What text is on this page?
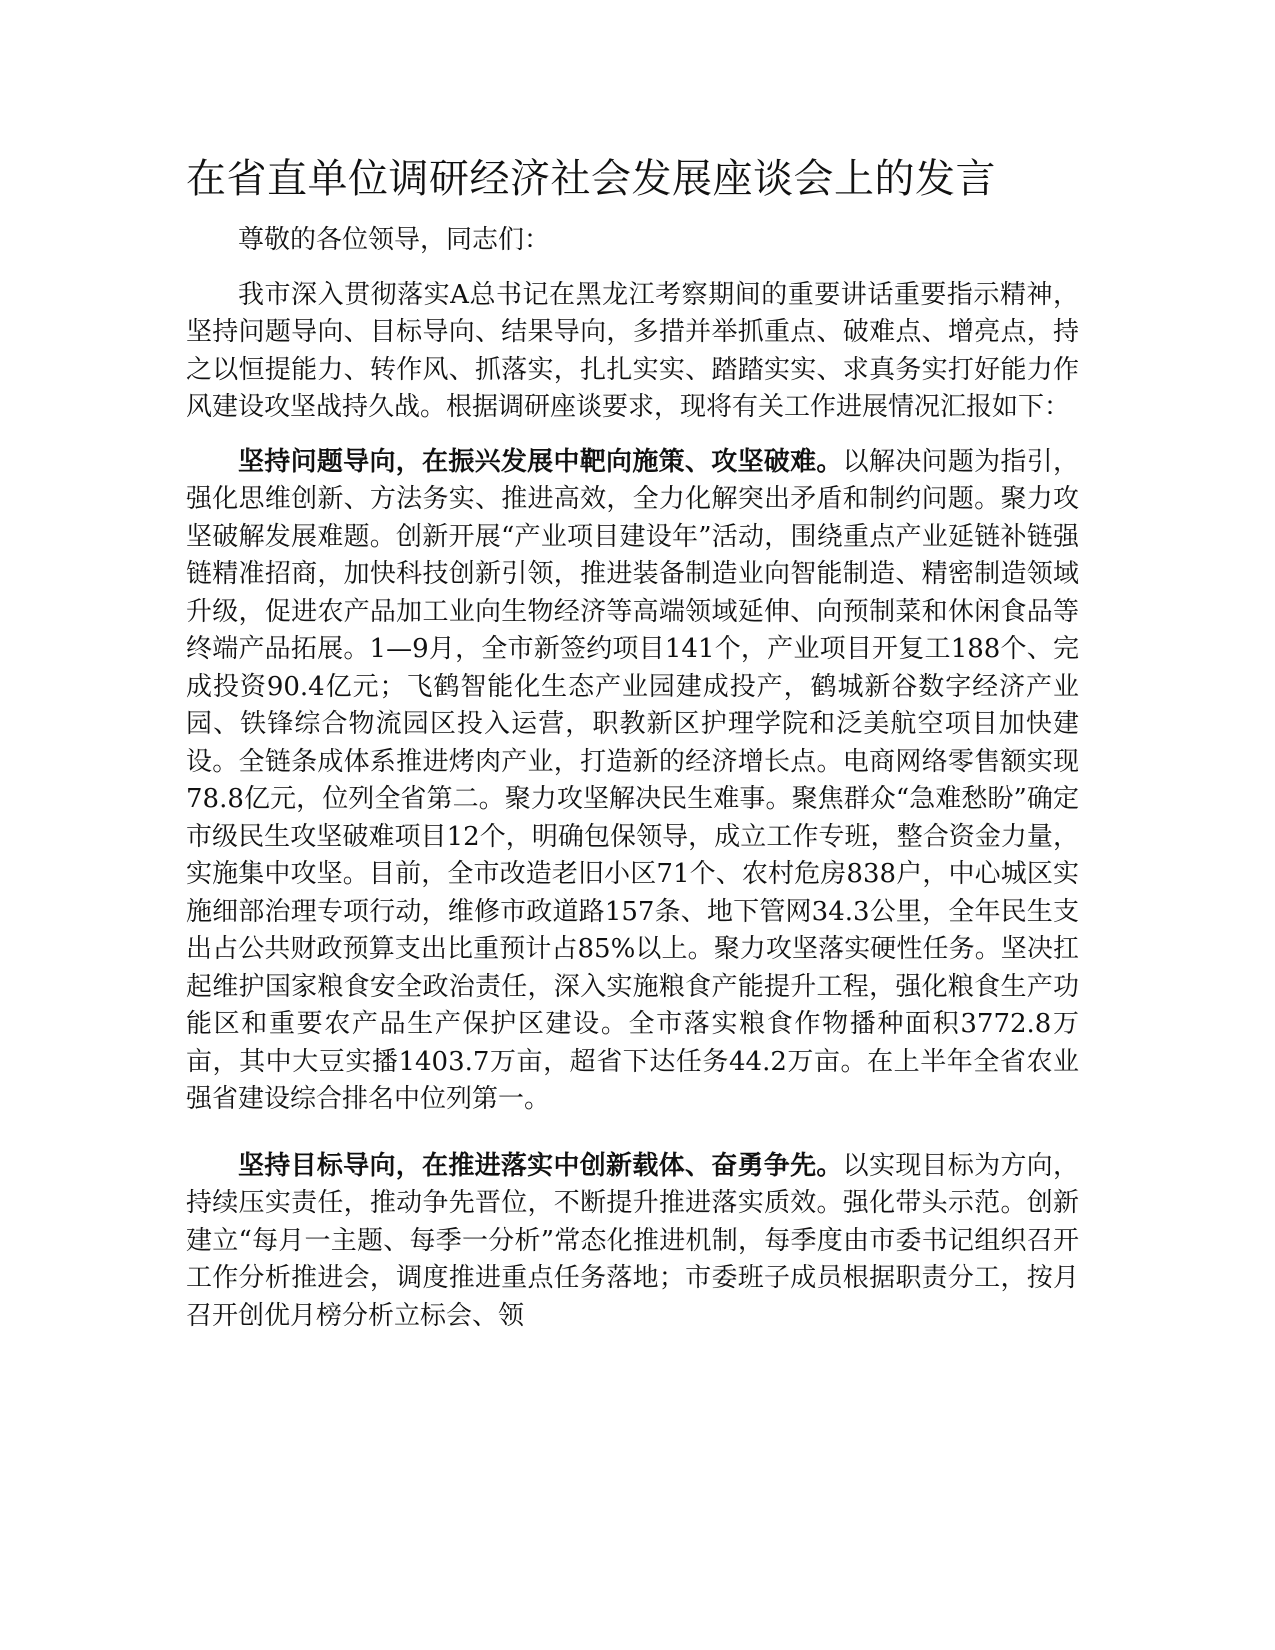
在省直单位调研经济社会发展座谈会上的发言

尊敬的各位领导，同志们：

我市深入贯彻落实A总书记在黑龙江考察期间的重要讲话重要指示精神，坚持问题导向、目标导向、结果导向，多措并举抓重点、破难点、增亮点，持之以恒提能力、转作风、抓落实，扎扎实实、踏踏实实、求真务实打好能力作风建设攻坚战持久战。根据调研座谈要求，现将有关工作进展情况汇报如下：

坚持问题导向，在振兴发展中靶向施策、攻坚破难。以解决问题为指引，强化思维创新、方法务实、推进高效，全力化解突出矛盾和制约问题。聚力攻坚破解发展难题。创新开展“产业项目建设年”活动，围绕重点产业延链补链强链精准招商，加快科技创新引领，推进装备制造业向智能制造、精密制造领域升级，促进农产品加工业向生物经济等高端领域延伸、向预制菜和休闲食品等终端产品拓展。1—9月，全市新签约项目141个，产业项目开复工188个、完成投资90.4亿元；飞鹤智能化生态产业园建成投产，鹤城新谷数字经济产业园、铁锋综合物流园区投入运营，职教新区护理学院和泛美航空项目加快建设。全链条成体系推进烤肉产业，打造新的经济增长点。电商网络零售额实现78.8亿元，位列全省第二。聚力攻坚解决民生难事。聚焦群众“急难愁盼”确定市级民生攻坚破难项目12个，明确包保领导，成立工作专班，整合资金力量，实施集中攻坚。目前，全市改造老旧小区71个、农村危房838户，中心城区实施细部治理专项行动，维修市政道路157条、地下管网34.3公里，全年民生支出占公共财政预算支出比重预计占85%以上。聚力攻坚落实硬性任务。坚决扛起维护国家粮食安全政治责任，深入实施粮食产能提升工程，强化粮食生产功能区和重要农产品生产保护区建设。全市落实粮食作物播种面积3772.8万亩，其中大豆实播1403.7万亩，超省下达任务44.2万亩。在上半年全省农业强省建设综合排名中位列第一。

坚持目标导向，在推进落实中创新载体、奋勇争先。以实现目标为方向，持续压实责任，推动争先晋位，不断提升推进落实质效。强化带头示范。创新建立“每月一主题、每季一分析”常态化推进机制，每季度由市委书记组织召开工作分析推进会，调度推进重点任务落地；市委班子成员根据职责分工，按月召开创优月榜分析立标会、领
